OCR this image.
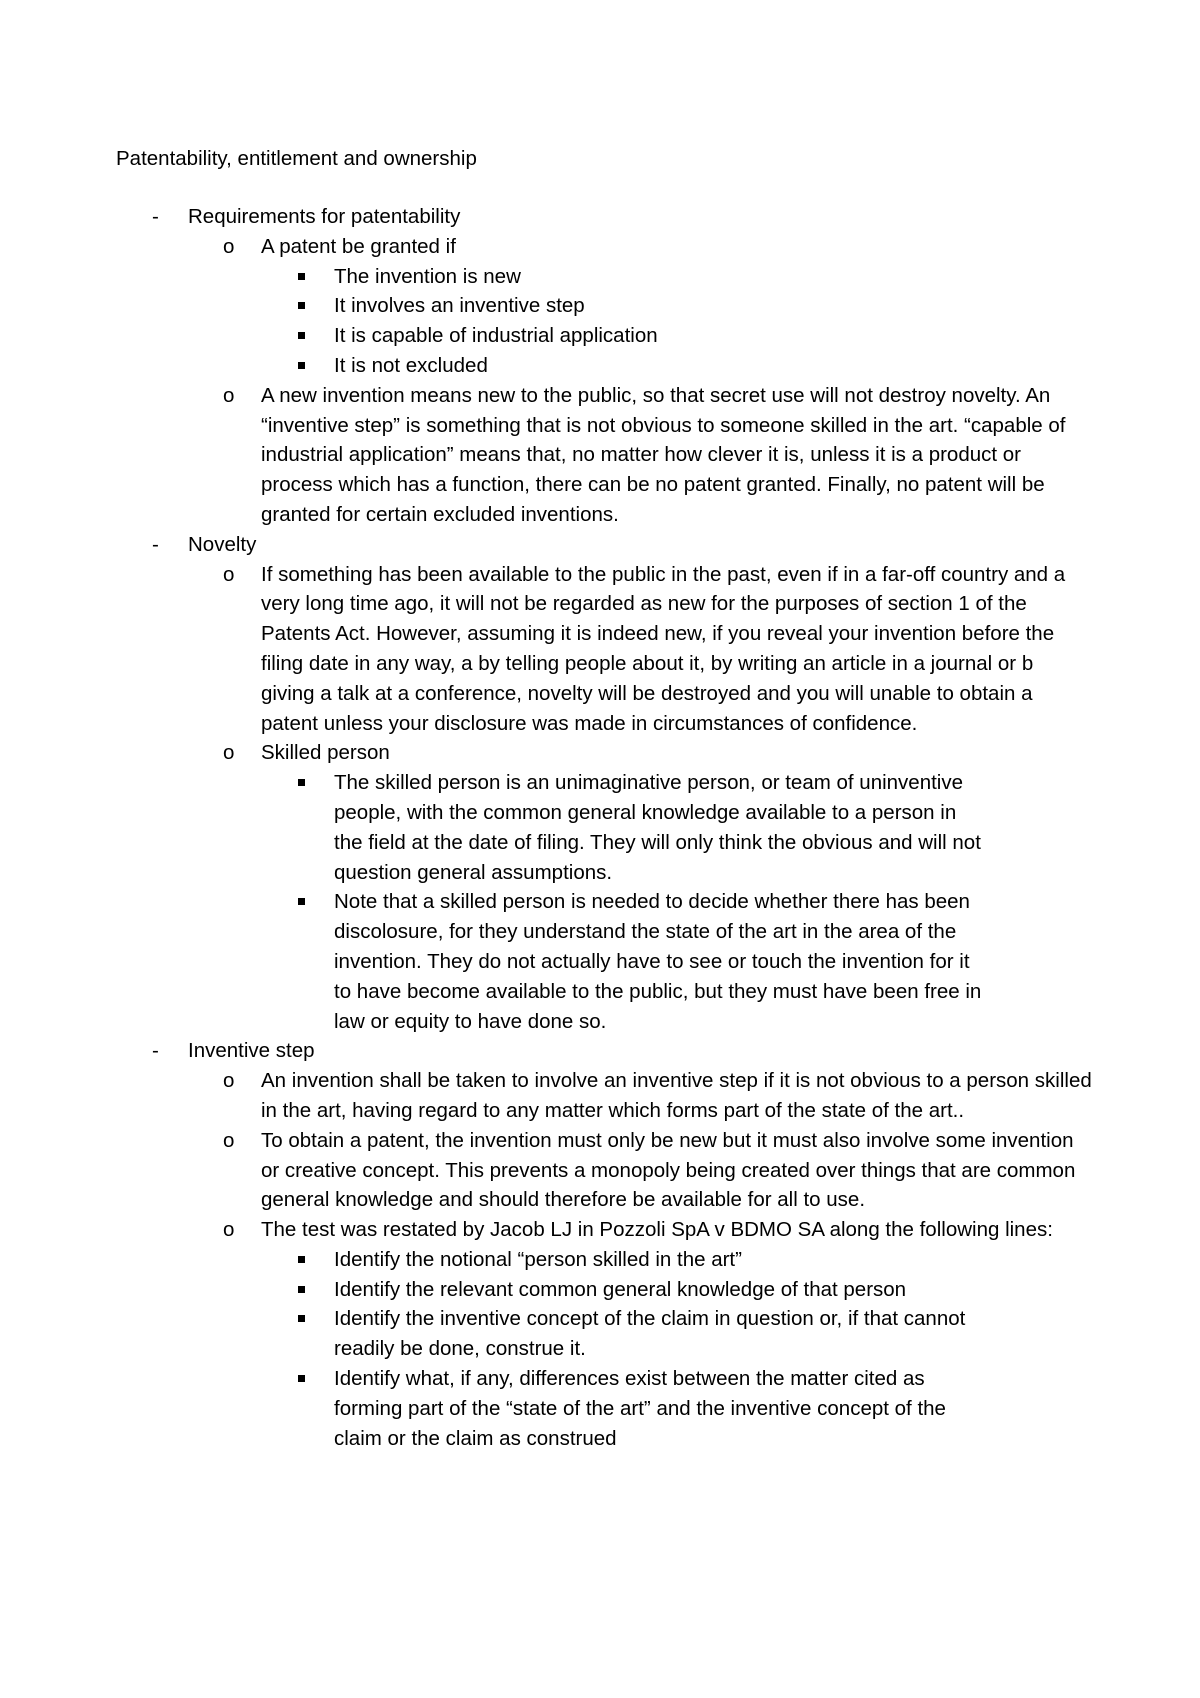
Patentability, entitlement and ownership
- Requirements for patentability
o A patent be granted if
The invention is new
It involves an inventive step
It is capable of industrial application
It is not excluded
o A new invention means new to the public, so that secret use will not destroy novelty. An “inventive step” is something that is not obvious to someone skilled in the art. “capable of industrial application” means that, no matter how clever it is, unless it is a product or process which has a function, there can be no patent granted. Finally, no patent will be granted for certain excluded inventions.
- Novelty
o If something has been available to the public in the past, even if in a far-off country and a very long time ago, it will not be regarded as new for the purposes of section 1 of the Patents Act. However, assuming it is indeed new, if you reveal your invention before the filing date in any way, a by telling people about it, by writing an article in a journal or b giving a talk at a conference, novelty will be destroyed and you will unable to obtain a patent unless your disclosure was made in circumstances of confidence.
o Skilled person
The skilled person is an unimaginative person, or team of uninventive people, with the common general knowledge available to a person in the field at the date of filing. They will only think the obvious and will not question general assumptions.
Note that a skilled person is needed to decide whether there has been discolosure, for they understand the state of the art in the area of the invention. They do not actually have to see or touch the invention for it to have become available to the public, but they must have been free in law or equity to have done so.
- Inventive step
o An invention shall be taken to involve an inventive step if it is not obvious to a person skilled in the art, having regard to any matter which forms part of the state of the art..
o To obtain a patent, the invention must only be new but it must also involve some invention or creative concept. This prevents a monopoly being created over things that are common general knowledge and should therefore be available for all to use.
o The test was restated by Jacob LJ in Pozzoli SpA v BDMO SA along the following lines:
Identify the notional “person skilled in the art”
Identify the relevant common general knowledge of that person
Identify the inventive concept of the claim in question or, if that cannot readily be done, construe it.
Identify what, if any, differences exist between the matter cited as forming part of the “state of the art” and the inventive concept of the claim or the claim as construed
